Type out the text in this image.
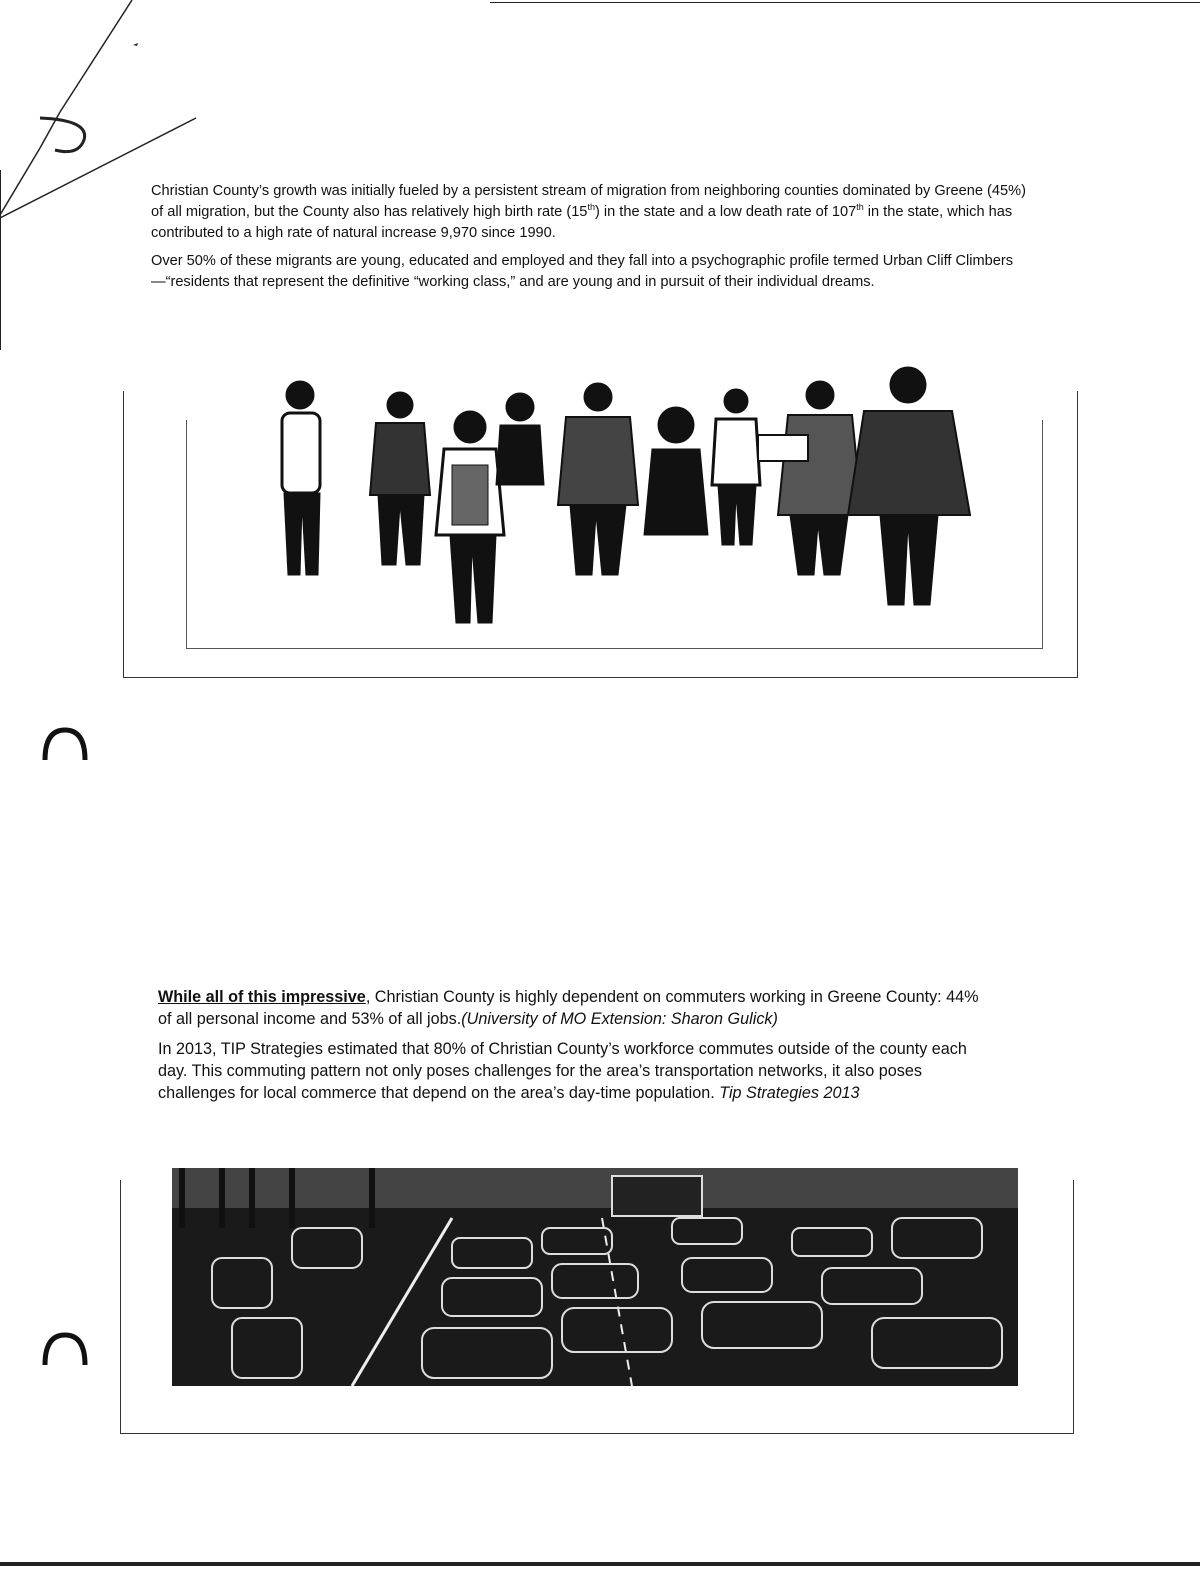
Christian County’s growth was initially fueled by a persistent stream of migration from neighboring counties dominated by Greene (45%) of all migration, but the County also has relatively high birth rate (15th) in the state and a low death rate of 107th in the state, which has contributed to a high rate of natural increase 9,970 since 1990.

Over 50% of these migrants are young, educated and employed and they fall into a psychographic profile termed Urban Cliff Climbers—“residents that represent the definitive “working class,” and are young and in pursuit of their individual dreams.

While all of this impressive, Christian County is highly dependent on commuters working in Greene County: 44% of all personal income and 53% of all jobs.(University of MO Extension: Sharon Gulick)

In 2013, TIP Strategies estimated that 80% of Christian County’s workforce commutes outside of the county each day. This commuting pattern not only poses challenges for the area’s transportation networks, it also poses challenges for local commerce that depend on the area’s day-time population. Tip Strategies 2013
